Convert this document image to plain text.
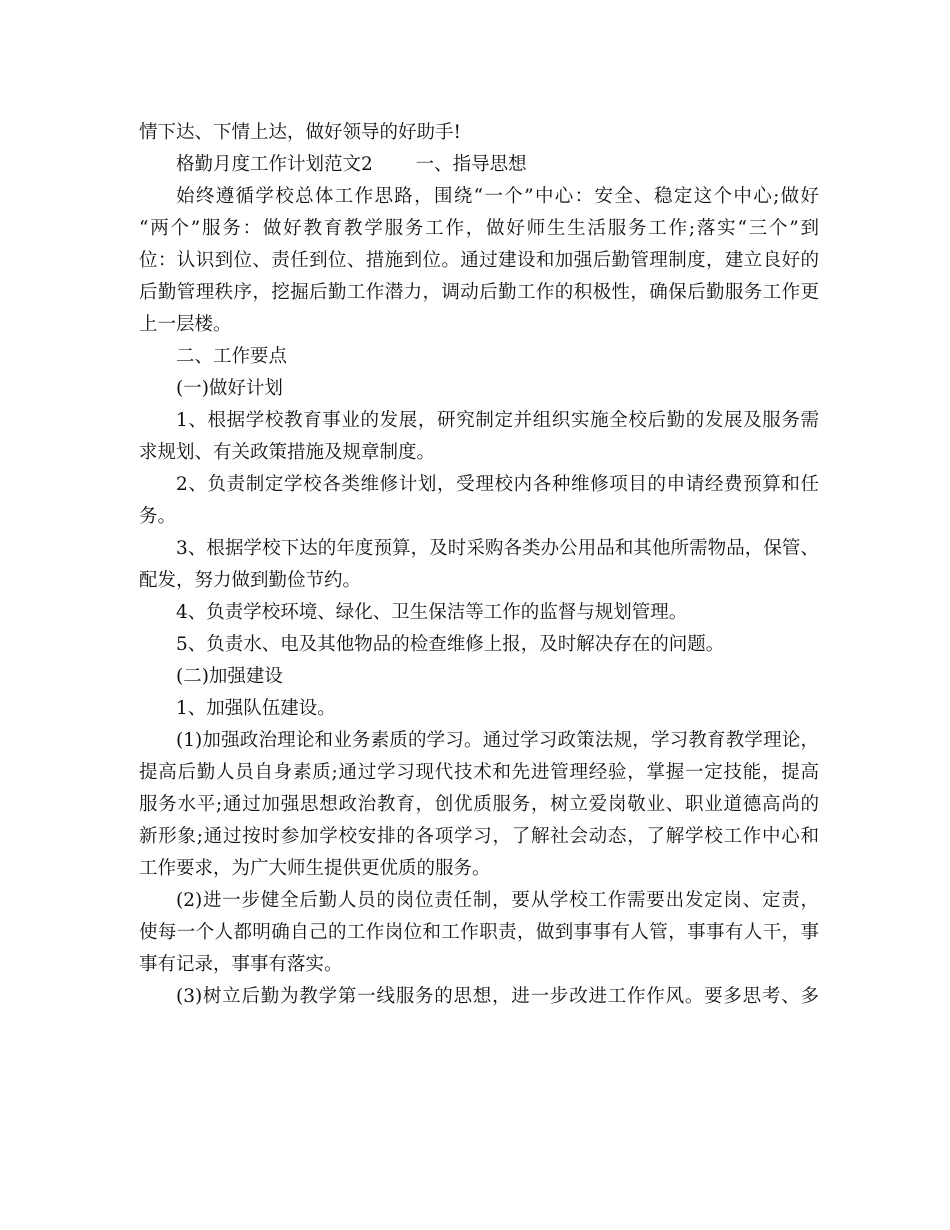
情下达、下情上达，做好领导的好助手!
格勤月度工作计划范文2　　 一、指导思想
始终遵循学校总体工作思路，围绕“一个”中心：安全、稳定这个中心;做好
“两个”服务：做好教育教学服务工作，做好师生生活服务工作;落实“三个”到
位：认识到位、责任到位、措施到位。通过建设和加强后勤管理制度，建立良好的
后勤管理秩序，挖掘后勤工作潜力，调动后勤工作的积极性，确保后勤服务工作更
上一层楼。
二、工作要点
(一)做好计划
1、根据学校教育事业的发展，研究制定并组织实施全校后勤的发展及服务需
求规划、有关政策措施及规章制度。
2、负责制定学校各类维修计划，受理校内各种维修项目的申请经费预算和任
务。
3、根据学校下达的年度预算，及时采购各类办公用品和其他所需物品，保管、
配发，努力做到勤俭节约。
4、负责学校环境、绿化、卫生保洁等工作的监督与规划管理。
5、负责水、电及其他物品的检查维修上报，及时解决存在的问题。
(二)加强建设
1、加强队伍建设。
(1)加强政治理论和业务素质的学习。通过学习政策法规，学习教育教学理论，
提高后勤人员自身素质;通过学习现代技术和先进管理经验，掌握一定技能，提高
服务水平;通过加强思想政治教育，创优质服务，树立爱岗敬业、职业道德高尚的
新形象;通过按时参加学校安排的各项学习，了解社会动态，了解学校工作中心和
工作要求，为广大师生提供更优质的服务。
(2)进一步健全后勤人员的岗位责任制，要从学校工作需要出发定岗、定责，
使每一个人都明确自己的工作岗位和工作职责，做到事事有人管，事事有人干，事
事有记录，事事有落实。
(3)树立后勤为教学第一线服务的思想，进一步改进工作作风。要多思考、多
